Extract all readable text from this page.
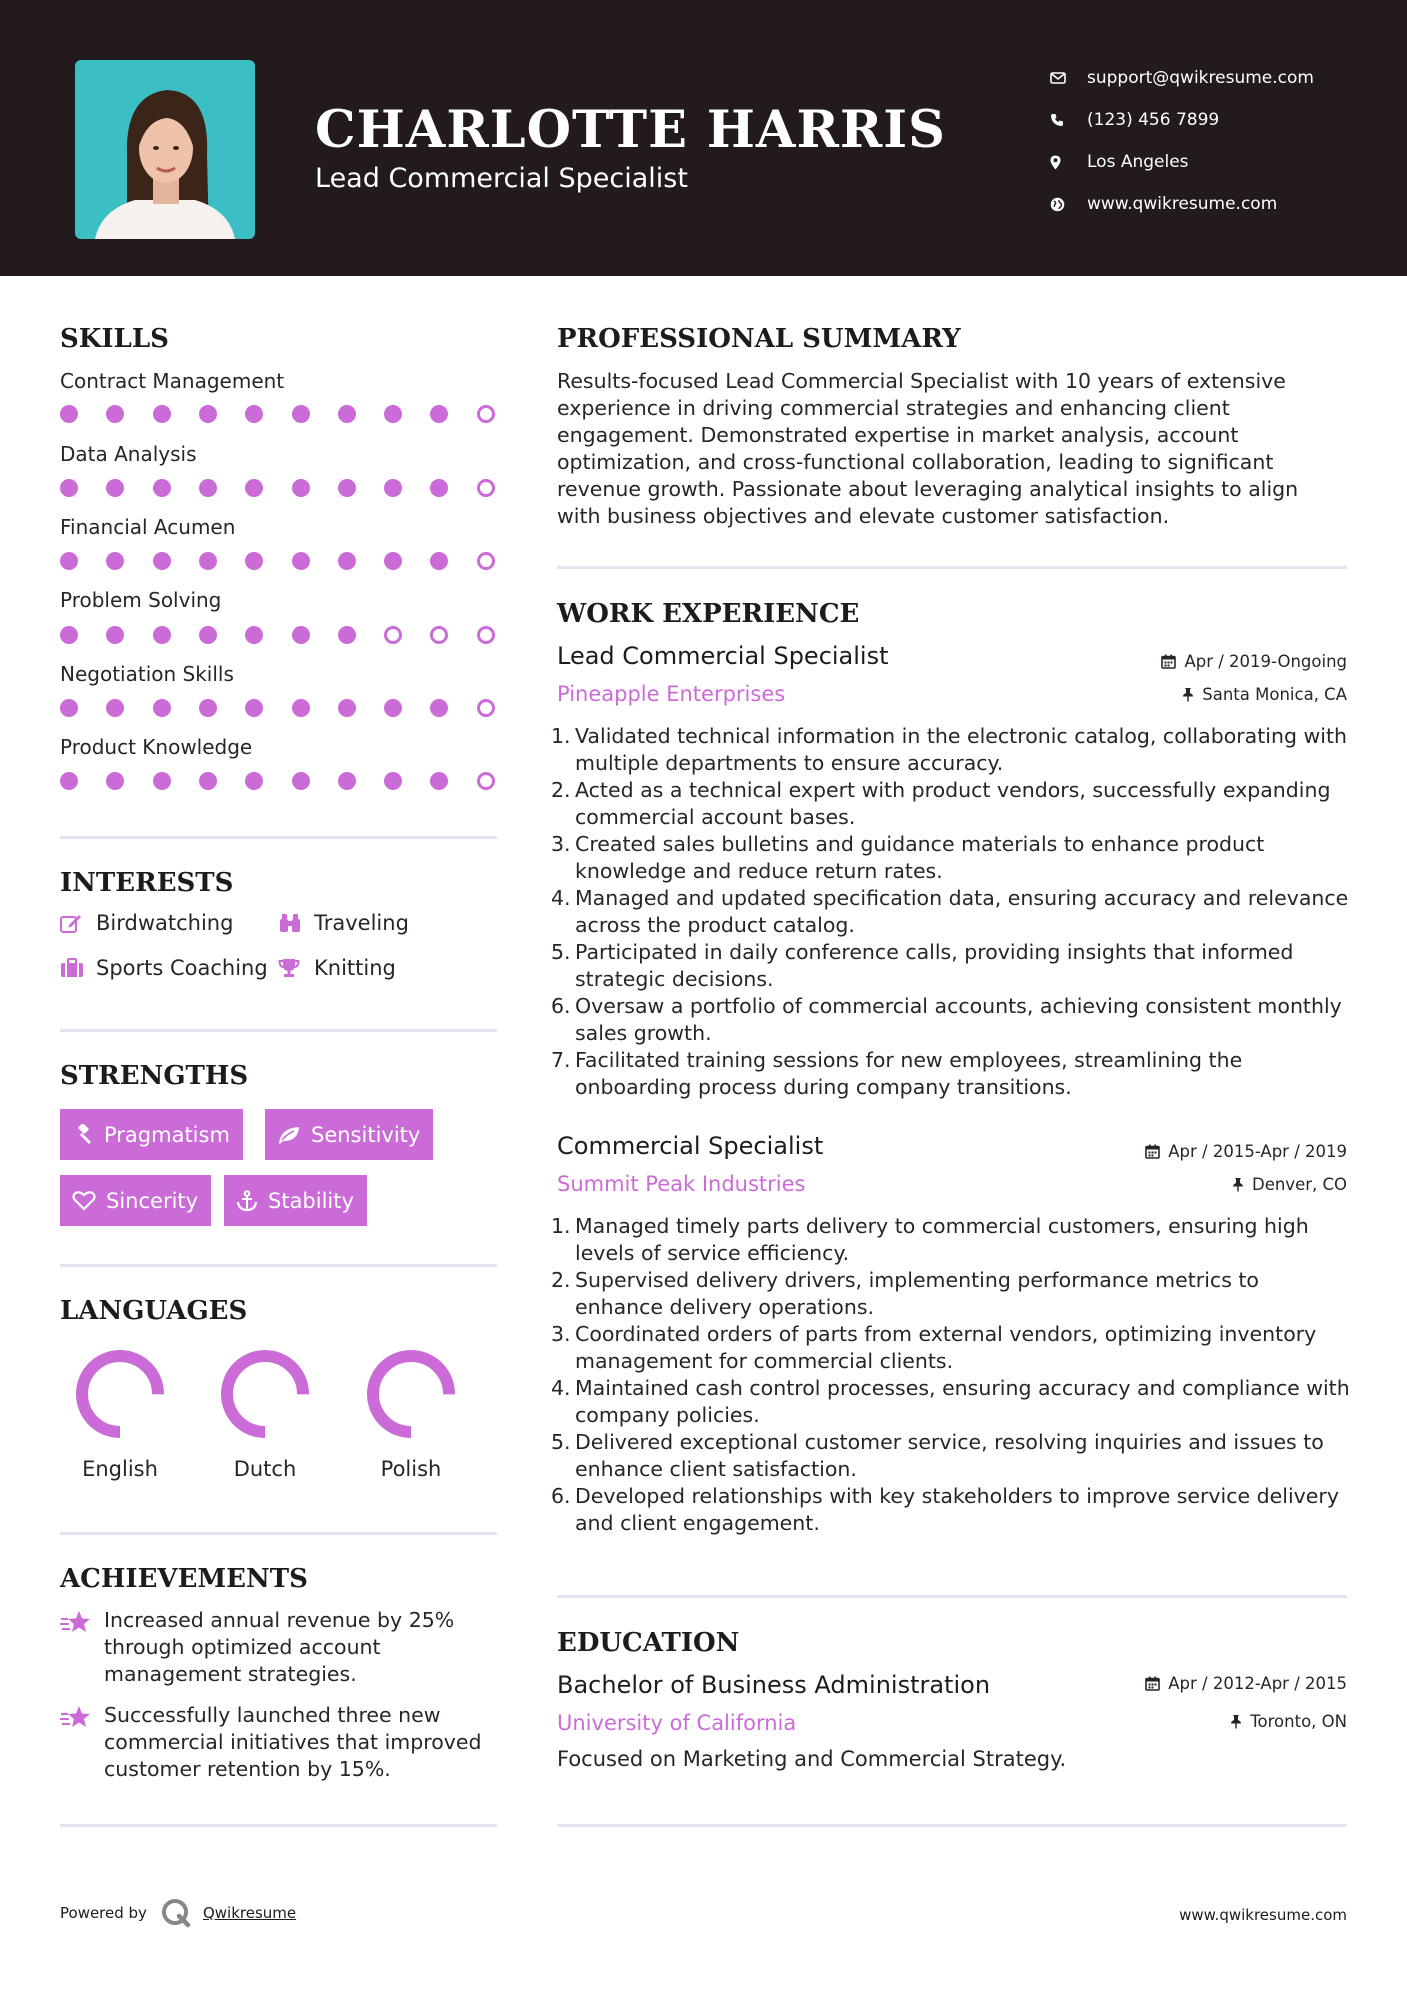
CHARLOTTE HARRIS
Lead Commercial Specialist
support@qwikresume.com
(123) 456 7899
Los Angeles
www.qwikresume.com
SKILLS
Contract Management
Data Analysis
Financial Acumen
Problem Solving
Negotiation Skills
Product Knowledge
INTERESTS
Birdwatching	Traveling
Sports Coaching Knitting
STRENGTHS
Pragmatism	Sensitivity
Sincerity	Stability
LANGUAGES
English	Dutch	Polish
ACHIEVEMENTS
Increased annual revenue by 25% through optimized account management strategies.
Successfully launched three new commercial initiatives that improved customer retention by 15%.
PROFESSIONAL SUMMARY
Results-focused Lead Commercial Specialist with 10 years of extensive experience in driving commercial strategies and enhancing client engagement. Demonstrated expertise in market analysis, account optimization, and cross-functional collaboration, leading to significant revenue growth. Passionate about leveraging analytical insights to align with business objectives and elevate customer satisfaction.
WORK EXPERIENCE
Lead Commercial Specialist	Apr / 2019-Ongoing
Pineapple Enterprises	Santa Monica, CA
1. Validated technical information in the electronic catalog, collaborating with multiple departments to ensure accuracy.
2. Acted as a technical expert with product vendors, successfully expanding commercial account bases.
3. Created sales bulletins and guidance materials to enhance product knowledge and reduce return rates.
4. Managed and updated specification data, ensuring accuracy and relevance across the product catalog.
5. Participated in daily conference calls, providing insights that informed strategic decisions.
6. Oversaw a portfolio of commercial accounts, achieving consistent monthly sales growth.
7. Facilitated training sessions for new employees, streamlining the onboarding process during company transitions.
Commercial Specialist	Apr / 2015-Apr / 2019
Summit Peak Industries	Denver, CO
1. Managed timely parts delivery to commercial customers, ensuring high levels of service efficiency.
2. Supervised delivery drivers, implementing performance metrics to enhance delivery operations.
3. Coordinated orders of parts from external vendors, optimizing inventory management for commercial clients.
4. Maintained cash control processes, ensuring accuracy and compliance with company policies.
5. Delivered exceptional customer service, resolving inquiries and issues to enhance client satisfaction.
6. Developed relationships with key stakeholders to improve service delivery and client engagement.
EDUCATION
Bachelor of Business Administration	Apr / 2012-Apr / 2015
University of California	Toronto, ON
Focused on Marketing and Commercial Strategy.
Powered by	Qwikresume	www.qwikresume.com
